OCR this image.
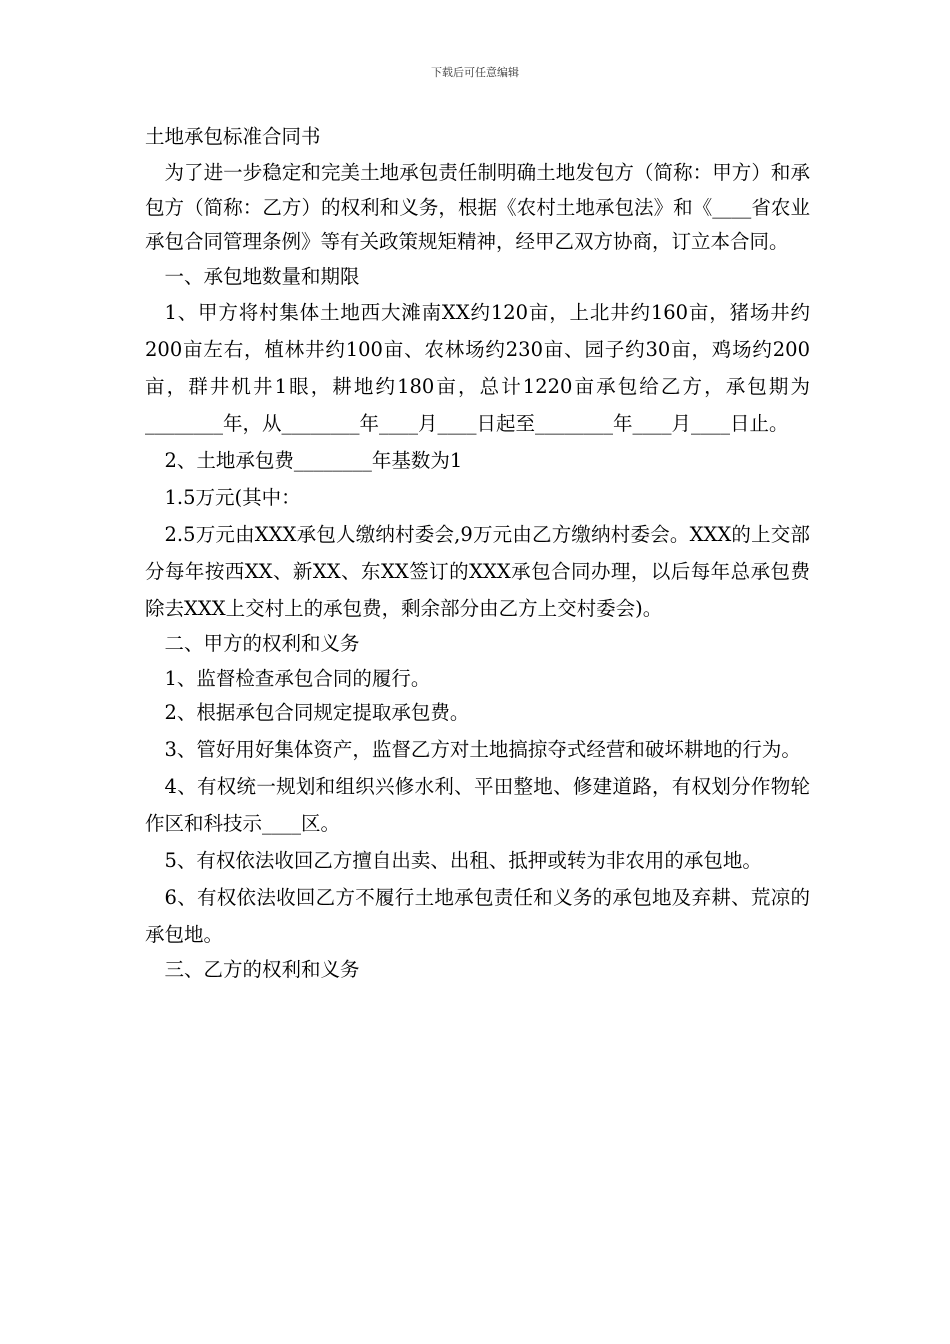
下载后可任意编辑
土地承包标准合同书

为了进一步稳定和完美土地承包责任制明确土地发包方（简称：甲方）和承包方（简称：乙方）的权利和义务，根据《农村土地承包法》和《____省农业承包合同管理条例》等有关政策规矩精神，经甲乙双方协商，订立本合同。

一、承包地数量和期限

1、甲方将村集体土地西大滩南XX约120亩，上北井约160亩，猪场井约200亩左右，植林井约100亩、农林场约230亩、园子约30亩，鸡场约200亩，群井机井1眼，耕地约180亩，总计1220亩承包给乙方，承包期为________年，从________年____月____日起至________年____月____日止。

2、土地承包费________年基数为1

1.5万元(其中：

2.5万元由XXX承包人缴纳村委会,9万元由乙方缴纳村委会。XXX的上交部分每年按西XX、新XX、东XX签订的XXX承包合同办理，以后每年总承包费除去XXX上交村上的承包费，剩余部分由乙方上交村委会)。

二、甲方的权利和义务

1、监督检查承包合同的履行。

2、根据承包合同规定提取承包费。

3、管好用好集体资产，监督乙方对土地搞掠夺式经营和破坏耕地的行为。

4、有权统一规划和组织兴修水利、平田整地、修建道路，有权划分作物轮作区和科技示____区。

5、有权依法收回乙方擅自出卖、出租、抵押或转为非农用的承包地。

6、有权依法收回乙方不履行土地承包责任和义务的承包地及弃耕、荒凉的承包地。

三、乙方的权利和义务
